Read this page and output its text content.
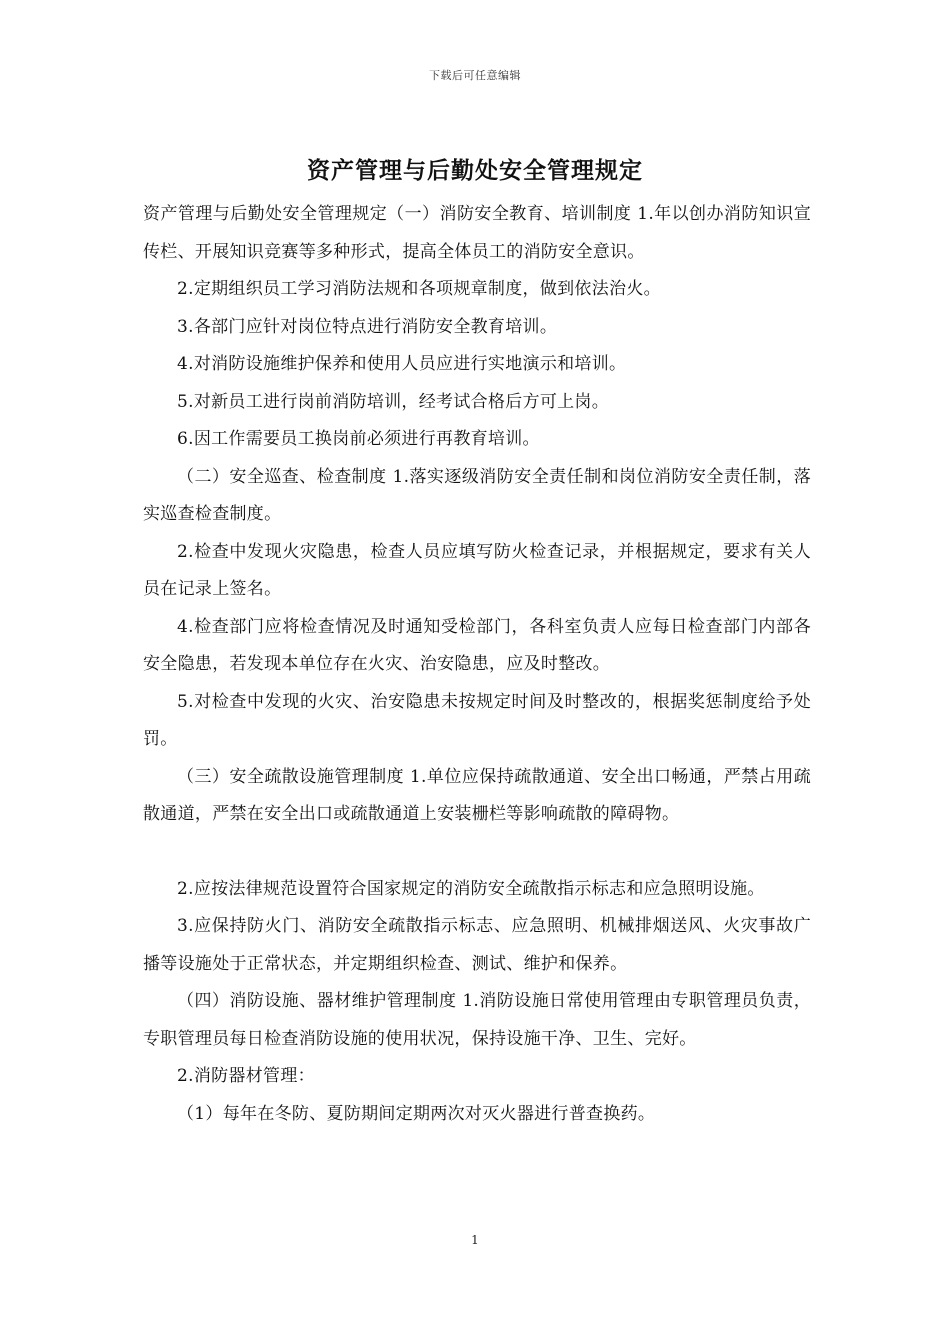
下载后可任意编辑
资产管理与后勤处安全管理规定

资产管理与后勤处安全管理规定（一）消防安全教育、培训制度 1.年以创办消防知识宣传栏、开展知识竞赛等多种形式，提高全体员工的消防安全意识。

2.定期组织员工学习消防法规和各项规章制度，做到依法治火。

3.各部门应针对岗位特点进行消防安全教育培训。

4.对消防设施维护保养和使用人员应进行实地演示和培训。

5.对新员工进行岗前消防培训，经考试合格后方可上岗。

6.因工作需要员工换岗前必须进行再教育培训。

（二）安全巡查、检查制度 1.落实逐级消防安全责任制和岗位消防安全责任制，落实巡查检查制度。

2.检查中发现火灾隐患，检查人员应填写防火检查记录，并根据规定，要求有关人员在记录上签名。

4.检查部门应将检查情况及时通知受检部门，各科室负责人应每日检查部门内部各安全隐患，若发现本单位存在火灾、治安隐患，应及时整改。

5.对检查中发现的火灾、治安隐患未按规定时间及时整改的，根据奖惩制度给予处罚。

（三）安全疏散设施管理制度 1.单位应保持疏散通道、安全出口畅通，严禁占用疏散通道，严禁在安全出口或疏散通道上安装栅栏等影响疏散的障碍物。

2.应按法律规范设置符合国家规定的消防安全疏散指示标志和应急照明设施。

3.应保持防火门、消防安全疏散指示标志、应急照明、机械排烟送风、火灾事故广播等设施处于正常状态，并定期组织检查、测试、维护和保养。

（四）消防设施、器材维护管理制度 1.消防设施日常使用管理由专职管理员负责，专职管理员每日检查消防设施的使用状况，保持设施干净、卫生、完好。

2.消防器材管理：

（1）每年在冬防、夏防期间定期两次对灭火器进行普查换药。

1
